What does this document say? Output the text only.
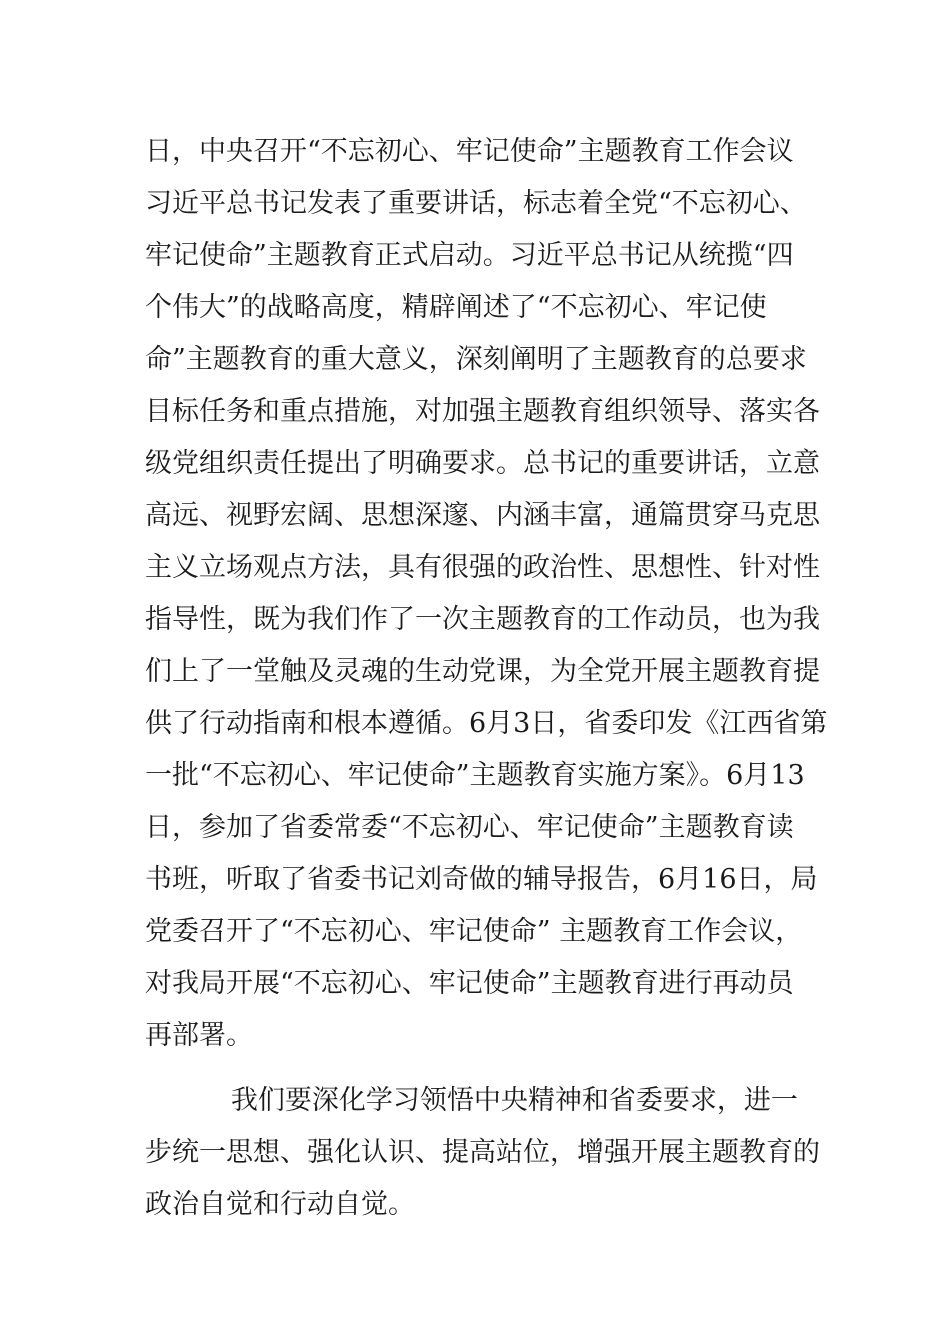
日，中央召开“不忘初心、牢记使命”主题教育工作会议
习近平总书记发表了重要讲话，标志着全党“不忘初心、
牢记使命”主题教育正式启动。习近平总书记从统揽“四
个伟大”的战略高度，精辟阐述了“不忘初心、牢记使
命”主题教育的重大意义，深刻阐明了主题教育的总要求
目标任务和重点措施，对加强主题教育组织领导、落实各
级党组织责任提出了明确要求。总书记的重要讲话，立意
高远、视野宏阔、思想深邃、内涵丰富，通篇贯穿马克思
主义立场观点方法，具有很强的政治性、思想性、针对性
指导性，既为我们作了一次主题教育的工作动员，也为我
们上了一堂触及灵魂的生动党课，为全党开展主题教育提
供了行动指南和根本遵循。6月3日，省委印发《江西省第
一批“不忘初心、牢记使命”主题教育实施方案》。6月13
日，参加了省委常委“不忘初心、牢记使命”主题教育读
书班，听取了省委书记刘奇做的辅导报告，6月16日，局
党委召开了“不忘初心、牢记使命” 主题教育工作会议，
对我局开展“不忘初心、牢记使命”主题教育进行再动员
再部署。
我们要深化学习领悟中央精神和省委要求，进一
步统一思想、强化认识、提高站位，增强开展主题教育的
政治自觉和行动自觉。
